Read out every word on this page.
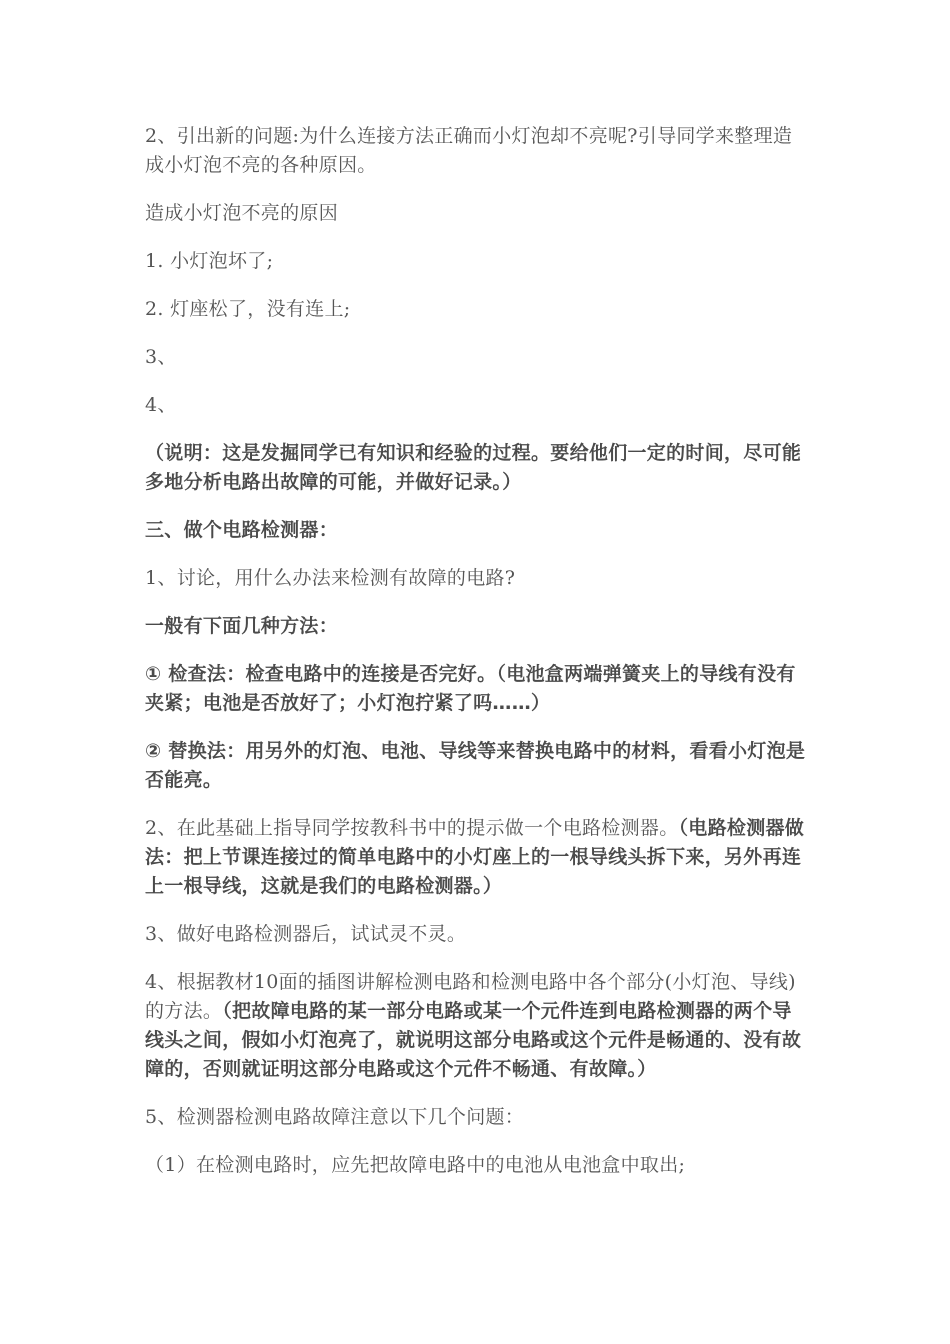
2、引出新的问题:为什么连接方法正确而小灯泡却不亮呢?引导同学来整理造成小灯泡不亮的各种原因。

造成小灯泡不亮的原因

1. 小灯泡坏了;

2. 灯座松了，没有连上;

3、

4、

（说明：这是发掘同学已有知识和经验的过程。要给他们一定的时间，尽可能多地分析电路出故障的可能，并做好记录。）

三、做个电路检测器：

1、讨论，用什么办法来检测有故障的电路?

一般有下面几种方法：

① 检查法：检查电路中的连接是否完好。（电池盒两端弹簧夹上的导线有没有夹紧；电池是否放好了；小灯泡拧紧了吗……）

② 替换法：用另外的灯泡、电池、导线等来替换电路中的材料，看看小灯泡是否能亮。

2、在此基础上指导同学按教科书中的提示做一个电路检测器。（电路检测器做法：把上节课连接过的简单电路中的小灯座上的一根导线头拆下来，另外再连上一根导线，这就是我们的电路检测器。）

3、做好电路检测器后，试试灵不灵。

4、根据教材10面的插图讲解检测电路和检测电路中各个部分(小灯泡、导线)的方法。（把故障电路的某一部分电路或某一个元件连到电路检测器的两个导线头之间，假如小灯泡亮了，就说明这部分电路或这个元件是畅通的、没有故障的，否则就证明这部分电路或这个元件不畅通、有故障。）

5、检测器检测电路故障注意以下几个问题：

（1）在检测电路时，应先把故障电路中的电池从电池盒中取出;
